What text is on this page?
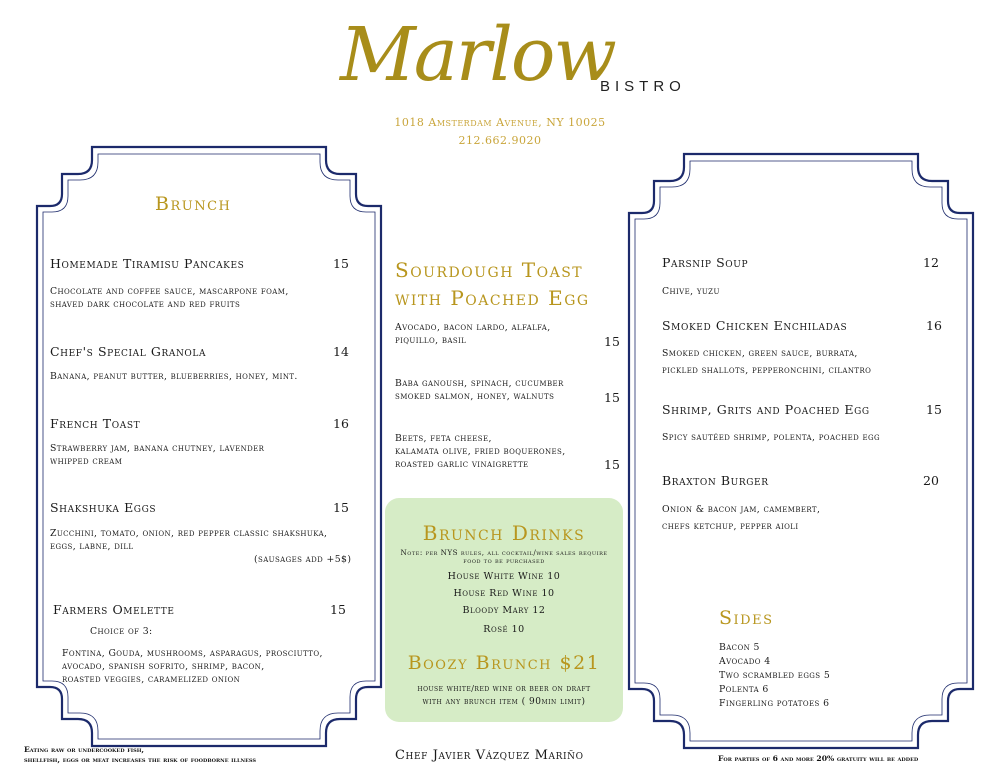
Marlow
BISTRO
1018 Amsterdam Avenue, NY 10025
212.662.9020
Brunch
Homemade Tiramisu Pancakes	15
Chocolate and coffee sauce, mascarpone foam,
shaved dark chocolate and red fruits
Chef's Special Granola	14
Banana, peanut butter, blueberries, honey, mint.
French Toast	16
Strawberry jam, banana chutney, lavender
whipped cream
Shakshuka Eggs	15
Zucchini, tomato, onion, red pepper classic shakshuka,
eggs, labne, dill
(sausages add +5$)
Farmers Omelette	15
Choice of 3:
Fontina, Gouda, mushrooms, asparagus, prosciutto,
avocado, spanish sofrito, shrimp, bacon,
roasted veggies, caramelized onion
Sourdough Toast
with Poached Egg
Avocado, bacon lardo, alfalfa,
piquillo, basil	15
Baba ganoush, spinach, cucumber
smoked salmon, honey, walnuts	15
Beets, feta cheese,
kalamata olive, fried boquerones,
roasted garlic vinaigrette	15
Brunch Drinks
Note: per NYS rules, all cocktail/wine sales require
food to be purchased
House White Wine 10
House Red Wine 10
Bloody Mary 12
Rosé 10
Boozy Brunch $21
house white/red wine or beer on draft
with any brunch item ( 90min limit)
Parsnip Soup	12
Chive, yuzu
Smoked Chicken Enchiladas	16
Smoked chicken, green sauce, burrata,
pickled shallots, pepperonchini, cilantro
Shrimp, Grits and Poached Egg	15
Spicy sautéed shrimp, polenta, poached egg
Braxton Burger	20
Onion & bacon jam, camembert,
chefs ketchup, pepper aioli
Sides
Bacon 5
Avocado 4
Two scrambled eggs 5
Polenta 6
Fingerling potatoes 6
Eating raw or undercooked fish,
shellfish, eggs or meat increases the risk of foodborne illness	Chef Javier Vázquez Mariño	For parties of 6 and more 20% gratuity will be added
